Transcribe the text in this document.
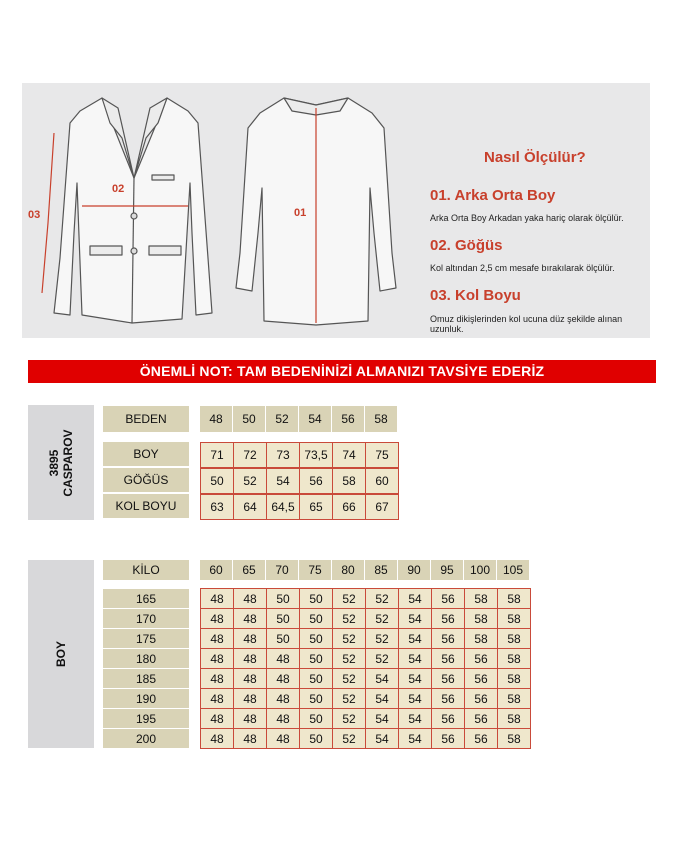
02
03	01
Nasıl Ölçülür?
01. Arka Orta Boy
Arka Orta Boy Arkadan yaka hariç olarak ölçülür.
02. Göğüs
Kol altından 2,5 cm mesafe bırakılarak ölçülür.
03. Kol Boyu
Omuz dikişlerinden kol ucuna düz şekilde alınan uzunluk.
ÖNEMLİ NOT: TAM BEDENİNİZİ ALMANIZI TAVSİYE EDERİZ
3895 CASPAROV
BEDEN	48	50	52	54	56	58
BOY	71	72	73	73,5	74	75
GÖĞÜS	50	52	54	56	58	60
KOL BOYU	63	64	64,5	65	66	67
BOY
KİLO	60	65	70	75	80	85	90	95	100	105
165	48	48	50	50	52	52	54	56	58	58
170	48	48	50	50	52	52	54	56	58	58
175	48	48	50	50	52	52	54	56	58	58
180	48	48	48	50	52	52	54	56	56	58
185	48	48	48	50	52	54	54	56	56	58
190	48	48	48	50	52	54	54	56	56	58
195	48	48	48	50	52	54	54	56	56	58
200	48	48	48	50	52	54	54	56	56	58
